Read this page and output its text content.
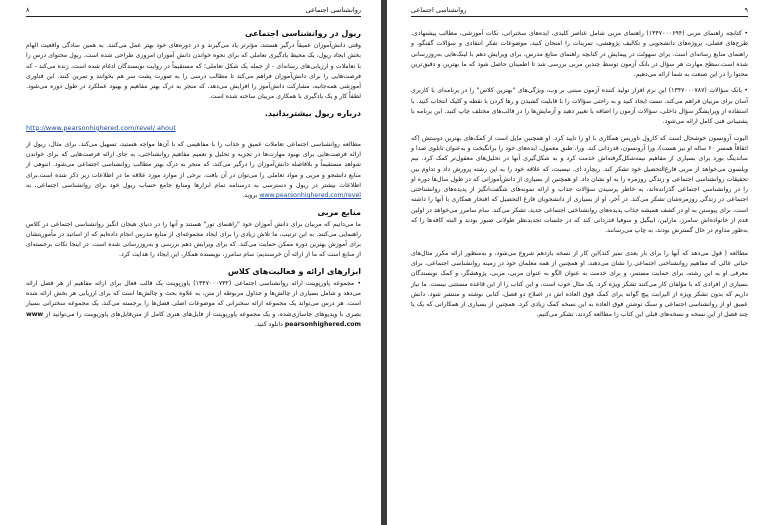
روانشناسی اجتماعی
٨
ریول در روانشناسی اجتماعی

وقتی دانش‌آموزان عمیقاً درگیر هستند، مؤثرتر یاد می‌گیرند و در دوره‌های خود بهتر عمل می‌کنند. به همین سادگی واقعیت الهام بخش ایجاد ریول، یک محیط یادگیری تعاملی که برای نحوه خواندن دانش آموزان امروزی طراحی شده است. ریول محتوای درس را با تعاملات و ارزیابی‌های رسانه‌ای - از جمله یک شکل تعاملی؛ که مستقیماً در روایت نویسندگان ادغام شده است، زنده می‌کند - که فرصت‌هایی را برای دانش‌آموزان فراهم می‌کند تا مطالب درسی را به صورت پشت سر هم بخوانند و تمرین کنند. این فناوری آموزشی همه‌جانبه، مشارکت دانش‌آموز را افزایش می‌دهد، که منجر به درک بهتر مفاهیم و بهبود عملکرد در طول دوره می‌شود. لطفاً کار و یک یادگیری با همکاری مربیان ساخته شده است.

درباره ریول بیشتربدانید.
http://www.pearsonhighered.com/revel/ ahout

مطالعه روانشناسی اجتماعی تعاملات عمیق و جذاب را با مفاهیمی که با آن‌ها مواجه هستید، تسهیل می‌کند. برای مثال، ریول از ارائه فرصت‌هایی برای بهبود مهارت‌ها در تجزیه و تحلیل و تعمیم مفاهیم روانشناختی، به جای ارائه فرصت‌هایی که برای خواندن شواهد مستقیماً و بلافاصله دانش‌آموزان را درگیر می‌کند، که منجر به درک بهتر مطالب روانشناسی اجتماعی می‌شود. انبوهی از منابع دانشجو و مربی و مواد تعاملی را می‌توان در آن یافت. برخی از موارد مورد علاقه ما در اطلاعات زیر ذکر شده است.برای اطلاعات بیشتر در ریول و دسترسی به درسنامه تمام ابزارها ومنابع جامع حساب ریول خود برای روانشناسی اجتماعی، به www.pearsonhighered.com/revel بروید.

منابع مربی

ما می‌دانیم که مربیان برای دانش آموزان خود "راهنمای تور" هستند و آنها را در دنیای هیجان انگیز روانشناسی اجتماعی در کلاس راهنمایی می‌کنند. به این ترتیب، ما تلاش زیادی را برای ایجاد مجموعه‌ای از منابع مدرس انجام داده‌ایم که از اساتید در مأموریتشان برای آموزش بهترین دوره ممکن حمایت می‌کند. که برای ویرایش دهم بررسی و به‌روزرسانی شده است. در اینجا نکات برجسته‌ای از منابع است که ما از ارائه آن خرسندیم: سام سامرز، نویسنده همکار، این ایجاد را هدایت کرد.

ابزارهای ارائه و فعالیت‌های کلاس

• مجموعه پاورپوینت ارائه روانشناسی اجتماعی (۱۳۴۷۰۰۰۷۳۲) پاورپوینت یک قالب فعال برای ارائه مفاهیم از هر فصل ارائه می‌دهد و شامل بسیاری از چالش‌ها و جداول مربوطه از متن، به علاوه بحث و چالش‌ها است که برای ارزیابی هر بخش ارائه شده است. هر درس می‌تواند یک مجموعه ارائه سخنرانی که موضوعات اصلی فصل‌ها را برجسته می‌کند، یک مجموعه سخنرانی بسیار بصری با ویدیوهای جاسازی‌شده، و یک مجموعه پاورپوینت از فایل‌های هنری کامل از متن‌فایل‌های پاورپوینت را می‌توانید از www pearsonhighered.com دانلود کنید.

٩
روانشناسی اجتماعی

• کتابچه راهنمای مربی (۱۳۴۷۰۰۰۶۹۴) راهنمای مربی شامل عناصر کلیدی، ایده‌های سخنرانی، نکات آموزشی، مطالب پیشنهادی، طرح‌های فصلی، پروژه‌های دانشجویی و تکالیف پژوهشی، تمرینات را امتحان کنید، موضوعات تفکر انتقادی و سؤالات گفتگو، و راهنمای منابع رسانه‌ای است. برای سهولت در پیمایش در کتابچه راهنمای منابع مدرس، برای ویرایش دهم با لینک‌هایی به‌روزرسانی شده است.سطح مهارت هر سؤال در بانک آزمون توسط چندین مربی بررسی شد تا اطمینان حاصل شود که ما بهترین و دقیق‌ترین محتوا را در این صنعت به شما ارائه می‌دهیم.

• بانک سؤالات (۱۳۴۷۰۰۰۷۸۷) این نرم افزار تولید کننده آزمون مبتنی بر وب، ویژگی‌های "بهترین کلاس" را در برنامه‌ای با کاربری آسان برای مربیان فراهم می‌کند. تست ایجاد کنید و به راحتی سؤالات را با قابلیت کشیدن و رها کردن با نقطه و کلیک انتخاب کنید. با استفاده از ویرایشگر سؤال داخلی، سؤالات آزمون را اضافه یا تغییر دهید و آزمایش‌ها را در قالب‌های مختلف چاپ کنید. این برنامه با پشتیبانی فنی کامل ارائه می‌شود.

الیوت آرونسون خوشحال است که کارول تاوریس همکاری با او را تایید کرد. او همچنین مایل است از کمک‌های بهترین دوستش (که اتفاقاً همسر ۶۰ ساله او نیز هست)، ورا آرونسون، قدردانی کند. ورا، طبق معمول، ایده‌های خود را برانگیخت و به‌عنوان تابلوی صدا و ساندینگ بورد برای بسیاری از مفاهیم نیمه‌شکل‌گرفته‌اش خدمت کرد و به شکل‌گیری آنها در تحلیل‌های معقول‌تر کمک کرد. نیم ویلسون می‌خواهد از مربی فارغ‌التحصیل خود تشکر کند. ریچارد ای. نیسبت، که علاقه خود را به این رشته پرورش داد و تداوم بین تحقیقات روانشناسی اجتماعی و زندگی روزمره را به او نشان داد. او همچنین از بسیاری از دانش‌آموزانی که در طول سال‌ها دوره او را در روانشناسی اجتماعی گذرانده‌اند، به خاطر پرسیدن سؤالات جذاب و ارائه نمونه‌های شگفت‌انگیز از پدیده‌های روانشناختی اجتماعی در زندگی روزمره‌شان تشکر می‌کند. در آخر، او از بسیاری از دانشجویان فارغ التحصیل که افتخار همکاری با آنها را داشته است، برای پیوستن به او در کشف همیشه جذاب پدیده‌های روانشناختی اجتماعی جدید، تشکر می‌کند. سام سامرز می‌خواهد در اولین قدم از خانواده‌اش سامرز، مارلین، ابیگیل و سوفیا قدردانی کند که در جلسات تجدیدنظر طولانی صبور بودند و البته کافه‌ها را که به‌طور مداوم در حال گسترش بودند، به چاپ می‌رسانند.

مطالعه ( قول می‌دهد که آنها را برای بار بعدی تمیز کند)این کار از نسخه یازدهم شروع می‌شود، و به‌منظور ارائه مکرر مثال‌های حیاتی عالی که مفاهیم روانشناختی اجتماعی را نشان می‌دهند، او همچنین از همه معلمان خود در زمینه روانشناسی اجتماعی، برای معرفی او به این رشته، برای حمایت مستمر، و برای خدمت به عنوان الگو به عنوان مربی، مربی، پژوهشگر، و کمک نویسندگان بسیاری از افرادی که با مؤلفان کار می‌کنند تشکر ویژه کرد. یک مثال خوب است، و این کتاب را از این قاعده مستثنی نیست. ما نیاز داریم که بدون تشکر ویژه از الیزابت پیچ گوانه برای کمک فوق العاده اش در اصلاح دو فصل، کتابی نوشته و منتشر شود. دانش عمیق او از روانشناسی اجتماعی و سبک نوشتن فوق العاده به این نسخه کمک زیادی کرد. همچنین از بسیاری از همکارانی که یک یا چند فصل از این نسخه و نسخه‌های قبلی این کتاب را مطالعه کردند، تشکر می‌کنیم.
